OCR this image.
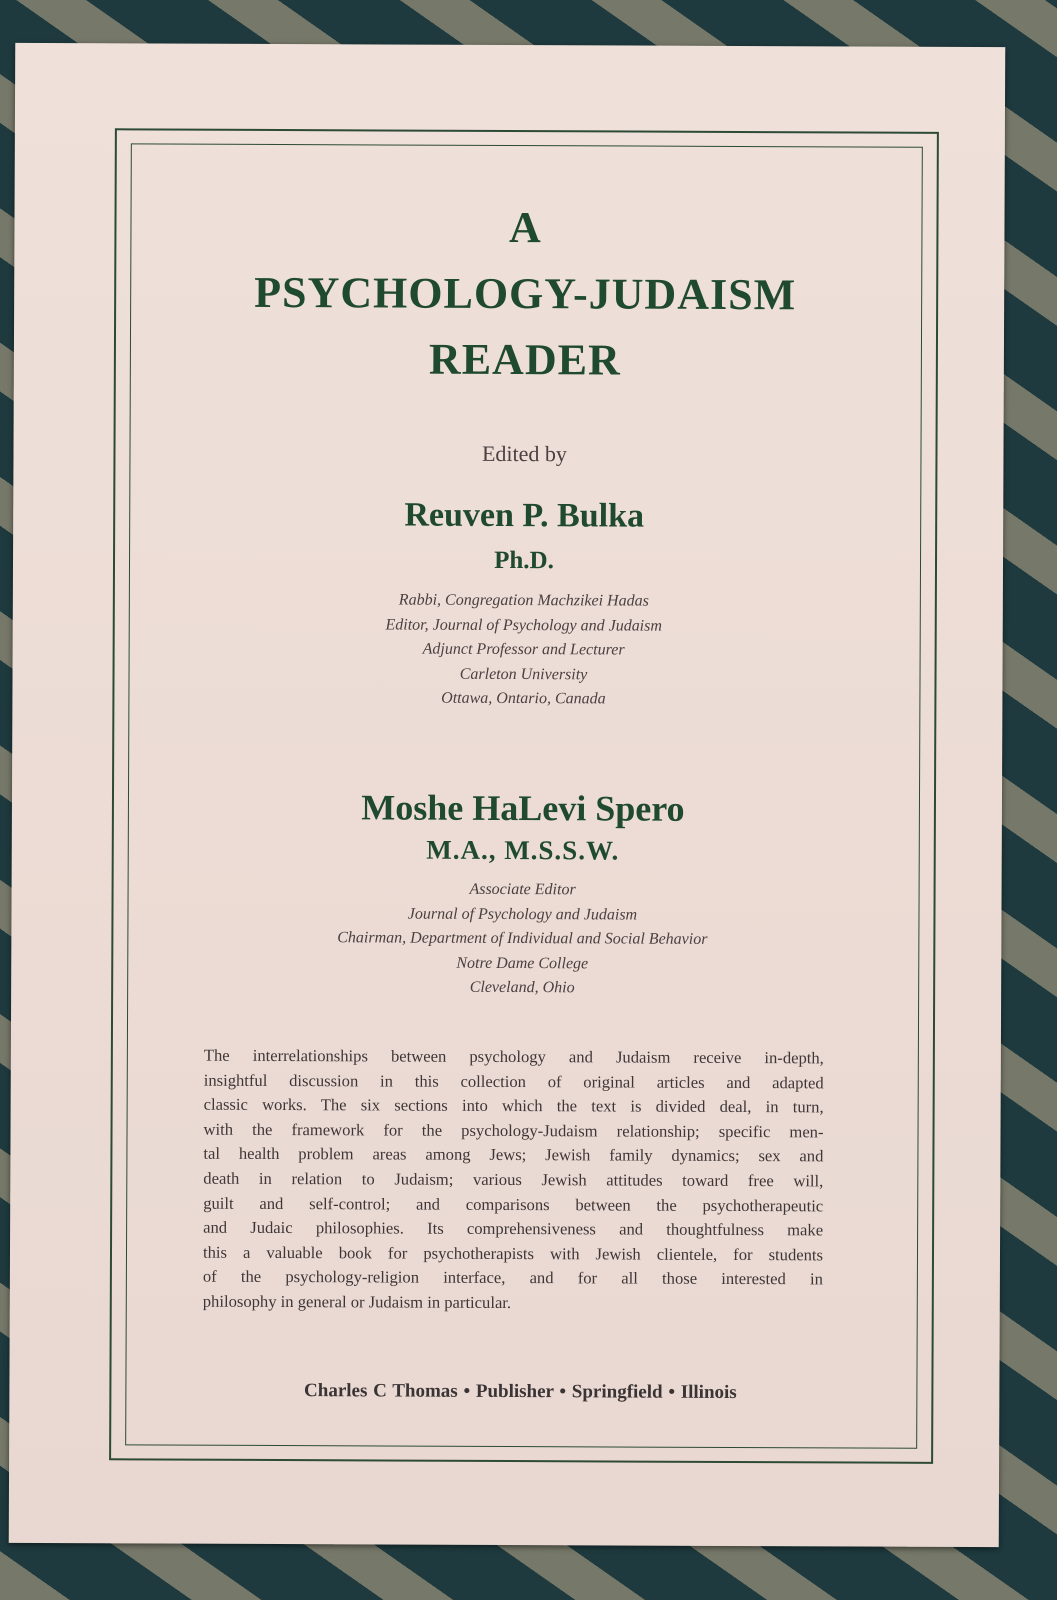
A
PSYCHOLOGY-JUDAISM
READER
Edited by
Reuven P. Bulka
Ph.D.
Rabbi, Congregation Machzikei Hadas
Editor, Journal of Psychology and Judaism
Adjunct Professor and Lecturer
Carleton University
Ottawa, Ontario, Canada
Moshe HaLevi Spero
M.A., M.S.S.W.
Associate Editor
Journal of Psychology and Judaism
Chairman, Department of Individual and Social Behavior
Notre Dame College
Cleveland, Ohio
The interrelationships between psychology and Judaism receive in-depth,
insightful discussion in this collection of original articles and adapted
classic works. The six sections into which the text is divided deal, in turn,
with the framework for the psychology-Judaism relationship; specific men-
tal health problem areas among Jews; Jewish family dynamics; sex and
death in relation to Judaism; various Jewish attitudes toward free will,
guilt and self-control; and comparisons between the psychotherapeutic
and Judaic philosophies. Its comprehensiveness and thoughtfulness make
this a valuable book for psychotherapists with Jewish clientele, for students
of the psychology-religion interface, and for all those interested in
philosophy in general or Judaism in particular.
Charles C Thomas • Publisher • Springfield • Illinois
